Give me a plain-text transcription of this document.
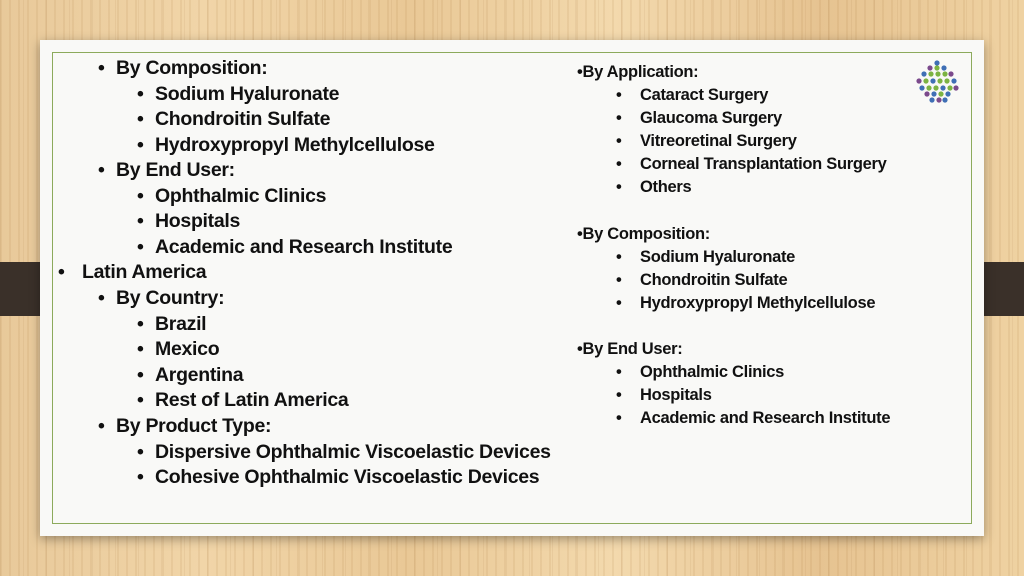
• By Composition:
• Sodium Hyaluronate
• Chondroitin Sulfate
• Hydroxypropyl Methylcellulose
• By End User:
• Ophthalmic Clinics
• Hospitals
• Academic and Research Institute
• Latin America
• By Country:
• Brazil
• Mexico
• Argentina
• Rest of Latin America
• By Product Type:
• Dispersive Ophthalmic Viscoelastic Devices
• Cohesive Ophthalmic Viscoelastic Devices
•By Application:
• Cataract Surgery
• Glaucoma Surgery
• Vitreoretinal Surgery
• Corneal Transplantation Surgery
• Others
•By Composition:
• Sodium Hyaluronate
• Chondroitin Sulfate
• Hydroxypropyl Methylcellulose
•By End User:
• Ophthalmic Clinics
• Hospitals
• Academic and Research Institute
